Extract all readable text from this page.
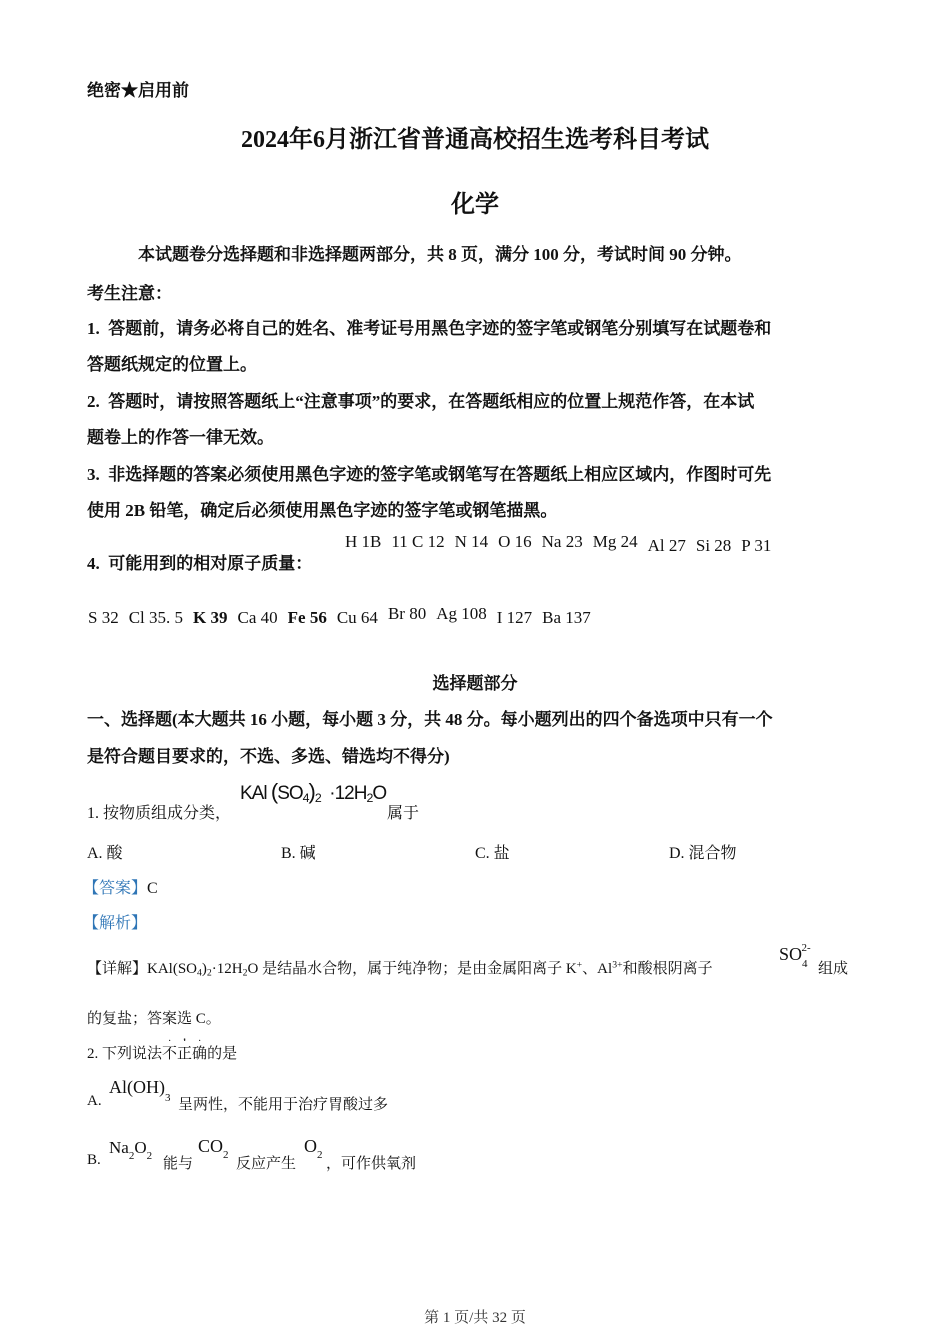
绝密★启用前
2024年6月浙江省普通高校招生选考科目考试
化学
本试题卷分选择题和非选择题两部分，共 8 页，满分 100 分，考试时间 90 分钟。
考生注意：
1.  答题前，请务必将自己的姓名、准考证号用黑色字迹的签字笔或钢笔分别填写在试题卷和
答题纸规定的位置上。
2.  答题时，请按照答题纸上“注意事项”的要求，在答题纸相应的位置上规范作答，在本试
题卷上的作答一律无效。
3.  非选择题的答案必须使用黑色字迹的签字笔或钢笔写在答题纸上相应区域内，作图时可先
使用 2B 铅笔，确定后必须使用黑色字迹的签字笔或钢笔描黑。
4.  可能用到的相对原子质量：
H 1B 11 C 12 N 14 O 16 Na 23 Mg 24 Al 27 Si 28 P 31
S 32 Cl 35. 5 K 39 Ca 40 Fe 56 Cu 64 Br 80 Ag 108 I 127 Ba 137
选择题部分
一、选择题(本大题共 16 小题，每小题 3 分，共 48 分。每小题列出的四个备选项中只有一个
是符合题目要求的，不选、多选、错选均不得分)
1. 按物质组成分类，
KAl $(SO_4)_2 \cdot 12H_2O$
属于
A. 酸	B. 碱	C. 盐	D. 混合物
【答案】C
【解析】
【详解】$KAl(SO_4)_2\cdot 12H_2O$ 是结晶水合物，属于纯净物；是由金属阳离子 K+、$Al^{3+}$和酸根阴离子
$SO_4^{2-}$
组成
的复盐；答案选 C。
2. 下列说法· 不
·
正
·
确
·
的是
A.
$Al(OH)_3$ 呈两性，不能用于治疗胃酸过多
B.
$Na_2O_2$ 能与
$CO_2$
反应产生
$O_2$
，可作供氧剂
第 1 页/共 32 页
